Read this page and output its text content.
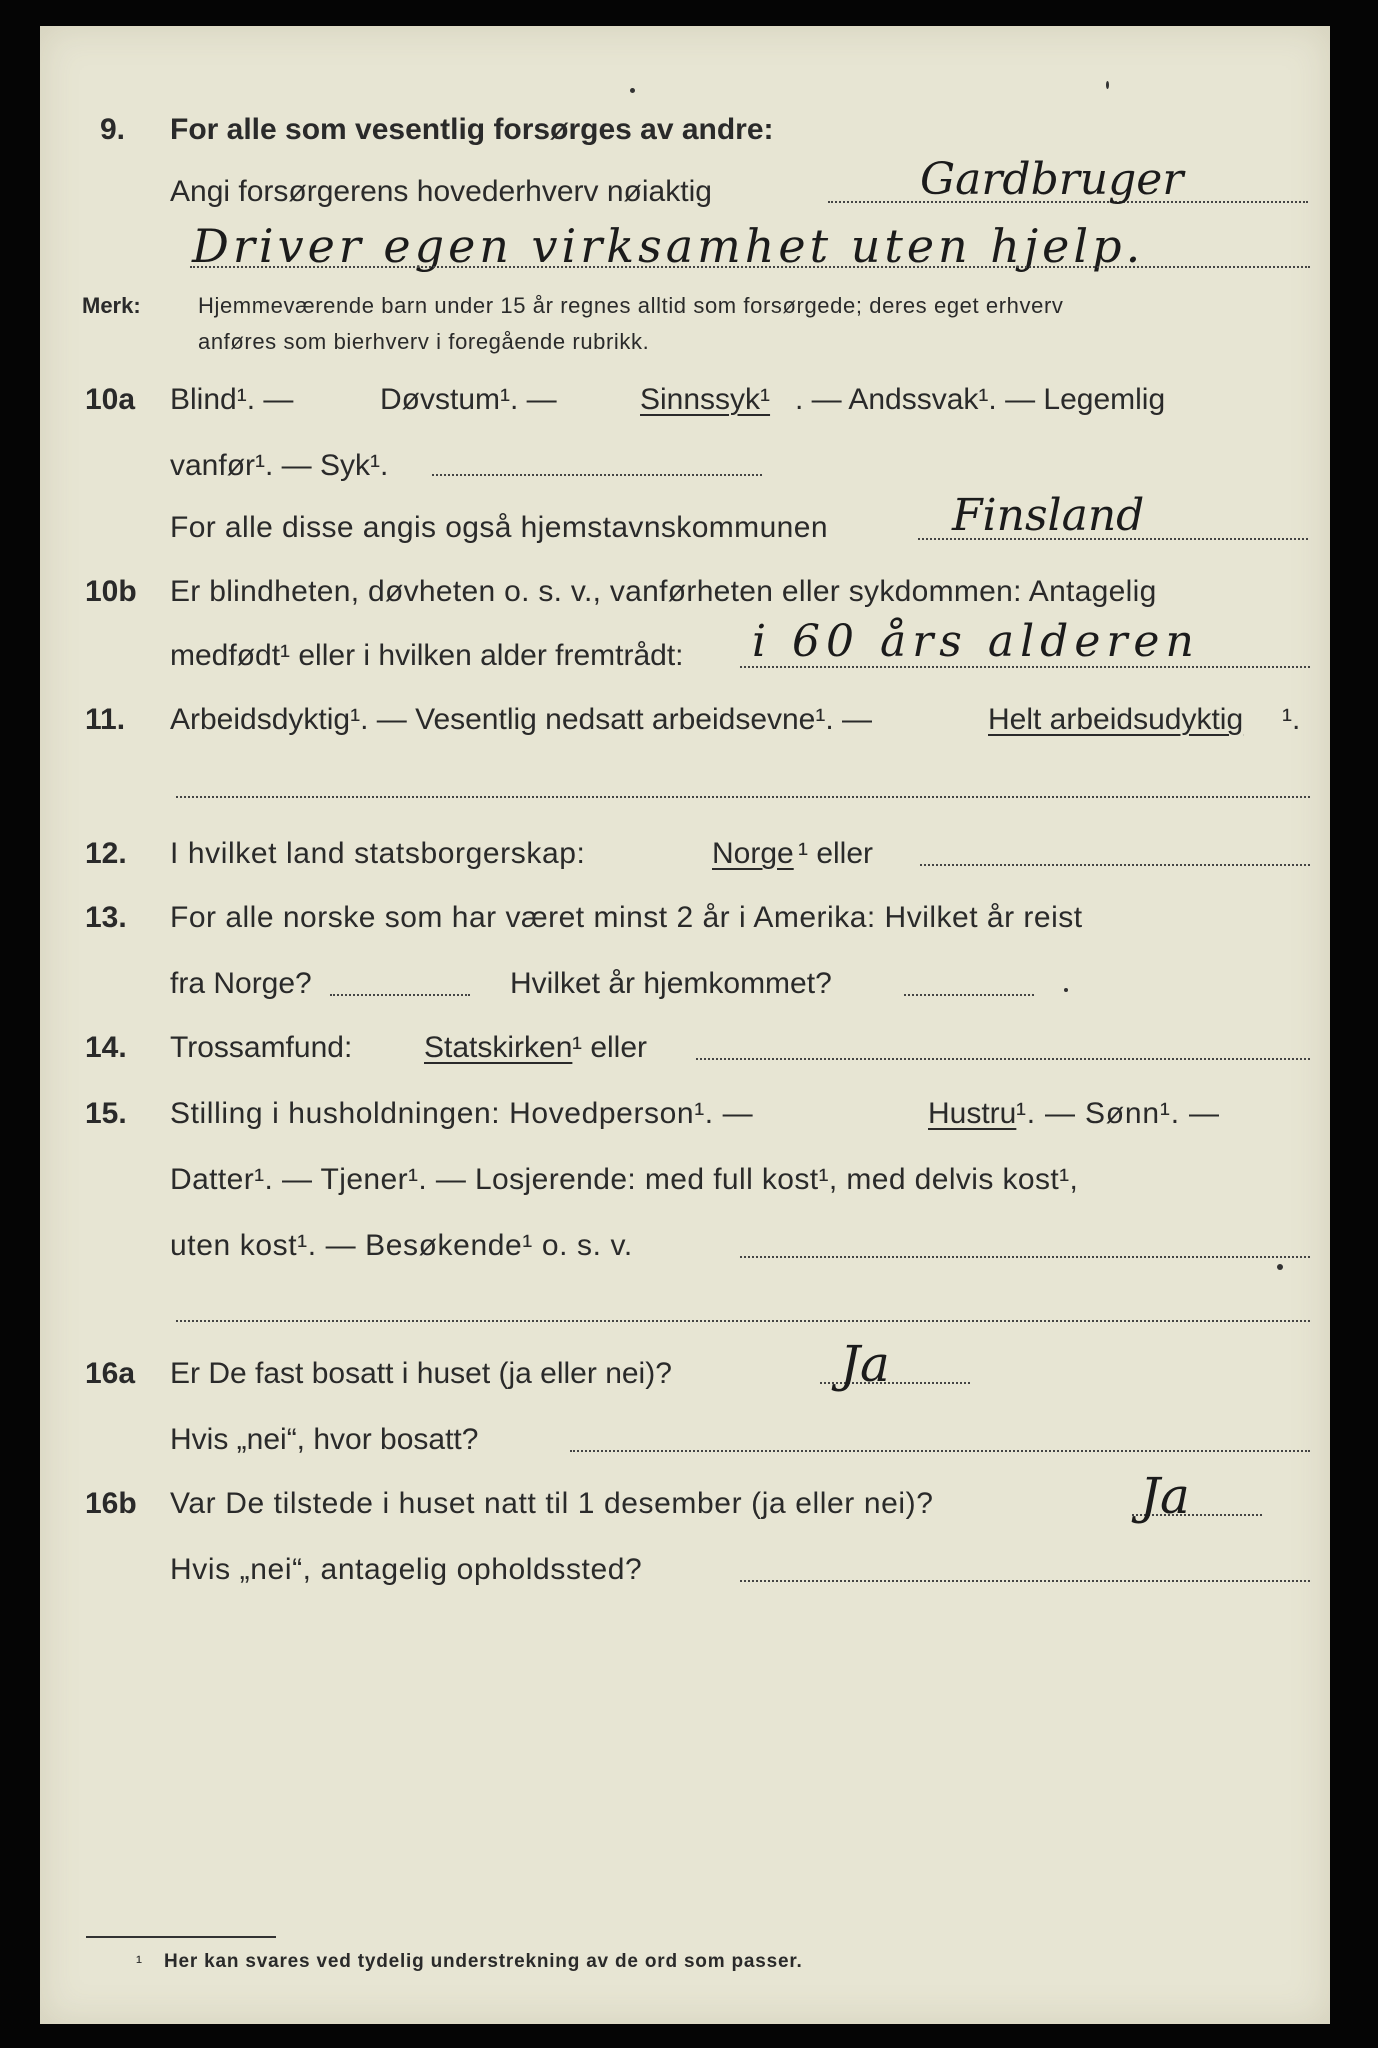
9. For alle som vesentlig forsørges av andre:
Angi forsørgerens hovederhverv nøiaktig	Gardbruger
Driver egen virksamhet uten hjelp.
Merk:	Hjemmeværende barn under 15 år regnes alltid som forsørgede; deres eget erhverv
anføres som bierhverv i foregående rubrikk.
10a Blind¹. —	Døvstum¹. —	Sinnssyk¹ . — Andssvak¹. — Legemlig
vanfør¹. — Syk¹.
For alle disse angis også hjemstavnskommunen	Finsland
10b Er blindheten, døvheten o. s. v., vanførheten eller sykdommen: Antagelig
medfødt¹ eller i hvilken alder fremtrådt: i 60 års alderen
11. Arbeidsdyktig¹. — Vesentlig nedsatt arbeidsevne¹. —	Helt arbeidsudyktig ¹.
12. I hvilket land statsborgerskap:	Norge ¹ eller
13. For alle norske som har været minst 2 år i Amerika: Hvilket år reist
fra Norge?	Hvilket år hjemkommet?
14. Trossamfund: Statskirken ¹ eller
15. Stilling i husholdningen: Hovedperson¹. —	Hustru ¹. — Sønn¹. —
Datter¹. — Tjener¹. — Losjerende: med full kost¹, med delvis kost¹,
uten kost¹. — Besøkende¹ o. s. v.
16a Er De fast bosatt i huset (ja eller nei)?	Ja
Hvis „nei“, hvor bosatt?
16b Var De tilstede i huset natt til 1 desember (ja eller nei)?	Ja
Hvis „nei“, antagelig opholdssted?
¹ Her kan svares ved tydelig understrekning av de ord som passer.
